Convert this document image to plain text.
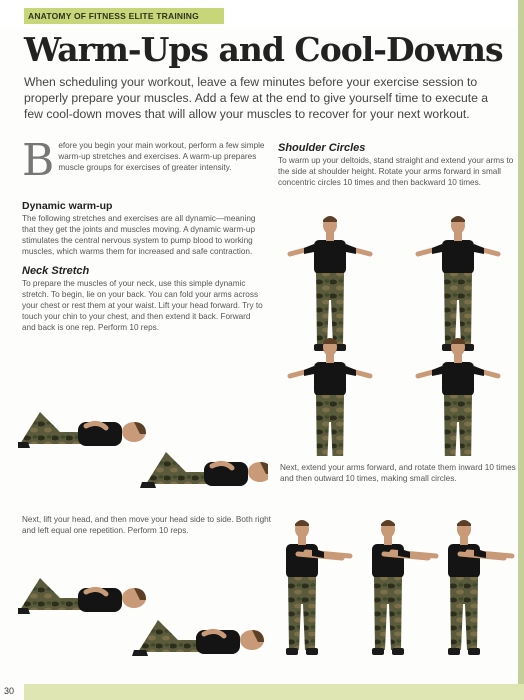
ANATOMY OF FITNESS ELITE TRAINING
Warm-Ups and Cool-Downs

When scheduling your workout, leave a few minutes before your exercise session to properly prepare your muscles. Add a few at the end to give yourself time to execute a few cool-down moves that will allow your muscles to recover for your next workout.

Before you begin your main workout, perform a few simple warm-up stretches and exercises. A warm-up prepares muscle groups for exercises of greater intensity.

Dynamic warm-up

The following stretches and exercises are all dynamic—meaning that they get the joints and muscles moving. A dynamic warm-up stimulates the central nervous system to pump blood to working muscles, which warms them for increased and safe contraction.

Neck Stretch

To prepare the muscles of your neck, use this simple dynamic stretch. To begin, lie on your back. You can fold your arms across your chest or rest them at your waist. Lift your head forward. Try to touch your chin to your chest, and then extend it back. Forward and back is one rep. Perform 10 reps.

Shoulder Circles

To warm up your deltoids, stand straight and extend your arms to the side at shoulder height. Rotate your arms forward in small concentric circles 10 times and then backward 10 times.

Next, lift your head, and then move your head side to side. Both right and left equal one repetition. Perform 10 reps.

Next, extend your arms forward, and rotate them inward 10 times and then outward 10 times, making small circles.

30
